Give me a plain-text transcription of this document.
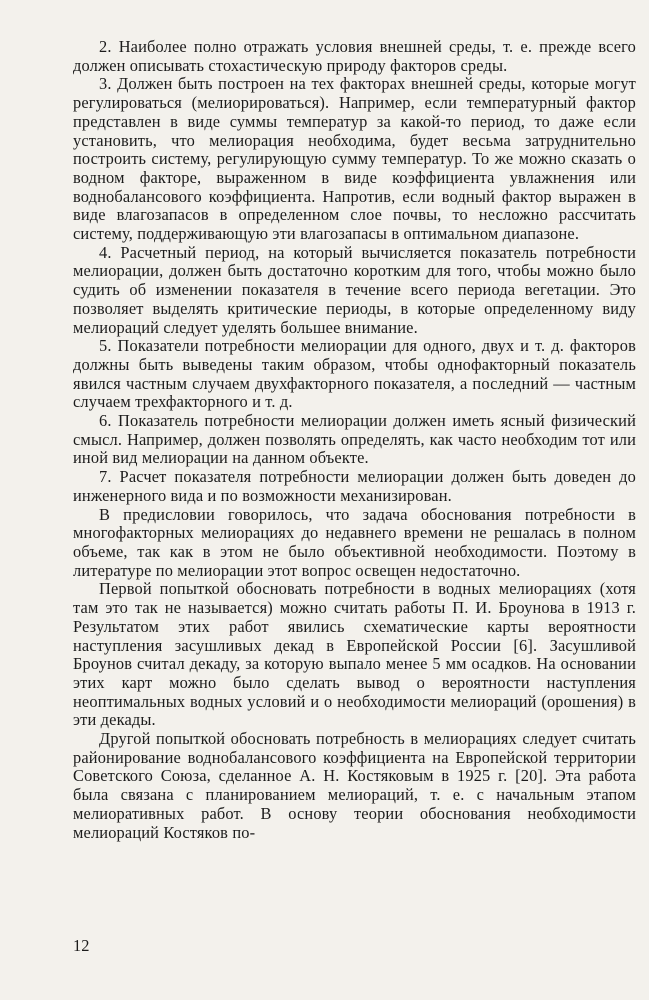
2. Наиболее полно отражать условия внешней среды, т. е. прежде всего должен описывать стохастическую природу факторов среды.

3. Должен быть построен на тех факторах внешней среды, которые могут регулироваться (мелиорироваться). Например, если температурный фактор представлен в виде суммы температур за какой-то период, то даже если установить, что мелиорация необходима, будет весьма затруднительно построить систему, регулирующую сумму температур. То же можно сказать о водном факторе, выраженном в виде коэффициента увлажнения или воднобалансового коэффициента. Напротив, если водный фактор выражен в виде влагозапасов в определенном слое почвы, то несложно рассчитать систему, поддерживающую эти влагозапасы в оптимальном диапазоне.

4. Расчетный период, на который вычисляется показатель потребности мелиорации, должен быть достаточно коротким для того, чтобы можно было судить об изменении показателя в течение всего периода вегетации. Это позволяет выделять критические периоды, в которые определенному виду мелиораций следует уделять большее внимание.

5. Показатели потребности мелиорации для одного, двух и т. д. факторов должны быть выведены таким образом, чтобы однофакторный показатель явился частным случаем двухфакторного показателя, а последний — частным случаем трехфакторного и т. д.

6. Показатель потребности мелиорации должен иметь ясный физический смысл. Например, должен позволять определять, как часто необходим тот или иной вид мелиорации на данном объекте.

7. Расчет показателя потребности мелиорации должен быть доведен до инженерного вида и по возможности механизирован.

В предисловии говорилось, что задача обоснования потребности в многофакторных мелиорациях до недавнего времени не решалась в полном объеме, так как в этом не было объективной необходимости. Поэтому в литературе по мелиорации этот вопрос освещен недостаточно.

Первой попыткой обосновать потребности в водных мелиорациях (хотя там это так не называется) можно считать работы П. И. Броунова в 1913 г. Результатом этих работ явились схематические карты вероятности наступления засушливых декад в Европейской России [6]. Засушливой Броунов считал декаду, за которую выпало менее 5 мм осадков. На основании этих карт можно было сделать вывод о вероятности наступления неоптимальных водных условий и о необходимости мелиораций (орошения) в эти декады.

Другой попыткой обосновать потребность в мелиорациях следует считать районирование воднобалансового коэффициента на Европейской территории Советского Союза, сделанное А. Н. Костяковым в 1925 г. [20]. Эта работа была связана с планированием мелиораций, т. е. с начальным этапом мелиоративных работ. В основу теории обоснования необходимости мелиораций Костяков по-

12
